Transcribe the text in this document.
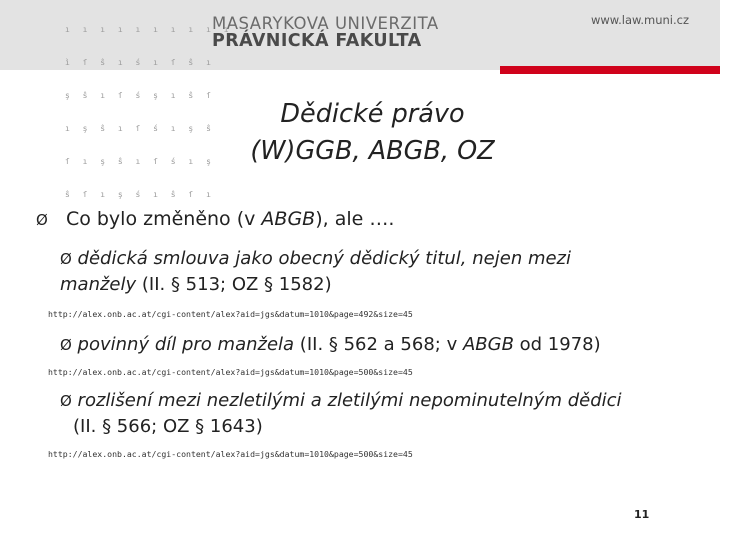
ı ı ı ı ı ı ı ı ı ı

ì ſ ŝ ı ś ı ſ ŝ ı

ş ŝ ı ſ ś ş ı ŝ ſ

ı ş ŝ ı ſ ś ı ş ŝ

ſ ı ş ŝ ı ſ ś ı ş

ŝ ſ ı ş ś ı ŝ ſ ı

MASARYKOVA UNIVERZITA
PRÁVNICKÁ FAKULTA
www.law.muni.cz
Dědické právo
(W)GGB, ABGB, OZ
Ø Co bylo změněno (v ABGB), ale ….
Ø dědická smlouva jako obecný dědický titul, nejen mezi manžely (II. § 513; OZ § 1582)
http://alex.onb.ac.at/cgi-content/alex?aid=jgs&datum=1010&page=492&size=45
Ø povinný díl pro manžela (II. § 562 a 568; v ABGB od 1978)
http://alex.onb.ac.at/cgi-content/alex?aid=jgs&datum=1010&page=500&size=45
Ø rozlišení mezi nezletilými a zletilými nepominutelným dědici
(II. § 566; OZ § 1643)
http://alex.onb.ac.at/cgi-content/alex?aid=jgs&datum=1010&page=500&size=45
11
